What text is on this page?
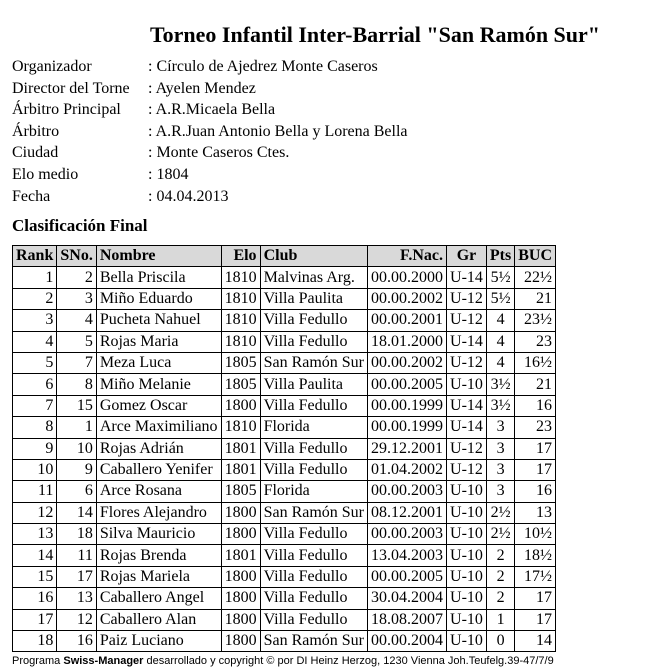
Torneo Infantil Inter-Barrial "San Ramón Sur"
Organizador	: Círculo de Ajedrez Monte Caseros
Director del Torne	: Ayelen Mendez
Árbitro Principal	: A.R.Micaela Bella
Árbitro	: A.R.Juan Antonio Bella y Lorena Bella
Ciudad	: Monte Caseros Ctes.
Elo medio	: 1804
Fecha	: 04.04.2013
Clasificación Final
Rank	SNo.	Nombre	Elo	Club	F.Nac.	Gr	Pts	BUC
1	2	Bella Priscila	1810	Malvinas Arg.	00.00.2000	U-14	5½	22½
2	3	Miño Eduardo	1810	Villa Paulita	00.00.2002	U-12	5½	21
3	4	Pucheta Nahuel	1810	Villa Fedullo	00.00.2001	U-12	4	23½
4	5	Rojas Maria	1810	Villa Fedullo	18.01.2000	U-14	4	23
5	7	Meza Luca	1805	San Ramón Sur	00.00.2002	U-12	4	16½
6	8	Miño Melanie	1805	Villa Paulita	00.00.2005	U-10	3½	21
7	15	Gomez Oscar	1800	Villa Fedullo	00.00.1999	U-14	3½	16
8	1	Arce Maximiliano	1810	Florida	00.00.1999	U-14	3	23
9	10	Rojas Adrián	1801	Villa Fedullo	29.12.2001	U-12	3	17
10	9	Caballero Yenifer	1801	Villa Fedullo	01.04.2002	U-12	3	17
11	6	Arce Rosana	1805	Florida	00.00.2003	U-10	3	16
12	14	Flores Alejandro	1800	San Ramón Sur	08.12.2001	U-10	2½	13
13	18	Silva Mauricio	1800	Villa Fedullo	00.00.2003	U-10	2½	10½
14	11	Rojas Brenda	1801	Villa Fedullo	13.04.2003	U-10	2	18½
15	17	Rojas Mariela	1800	Villa Fedullo	00.00.2005	U-10	2	17½
16	13	Caballero Angel	1800	Villa Fedullo	30.04.2004	U-10	2	17
17	12	Caballero Alan	1800	Villa Fedullo	18.08.2007	U-10	1	17
18	16	Paiz Luciano	1800	San Ramón Sur	00.00.2004	U-10	0	14
Programa Swiss-Manager desarrollado y copyright © por DI Heinz Herzog, 1230 Vienna Joh.Teufelg.39-47/7/9
